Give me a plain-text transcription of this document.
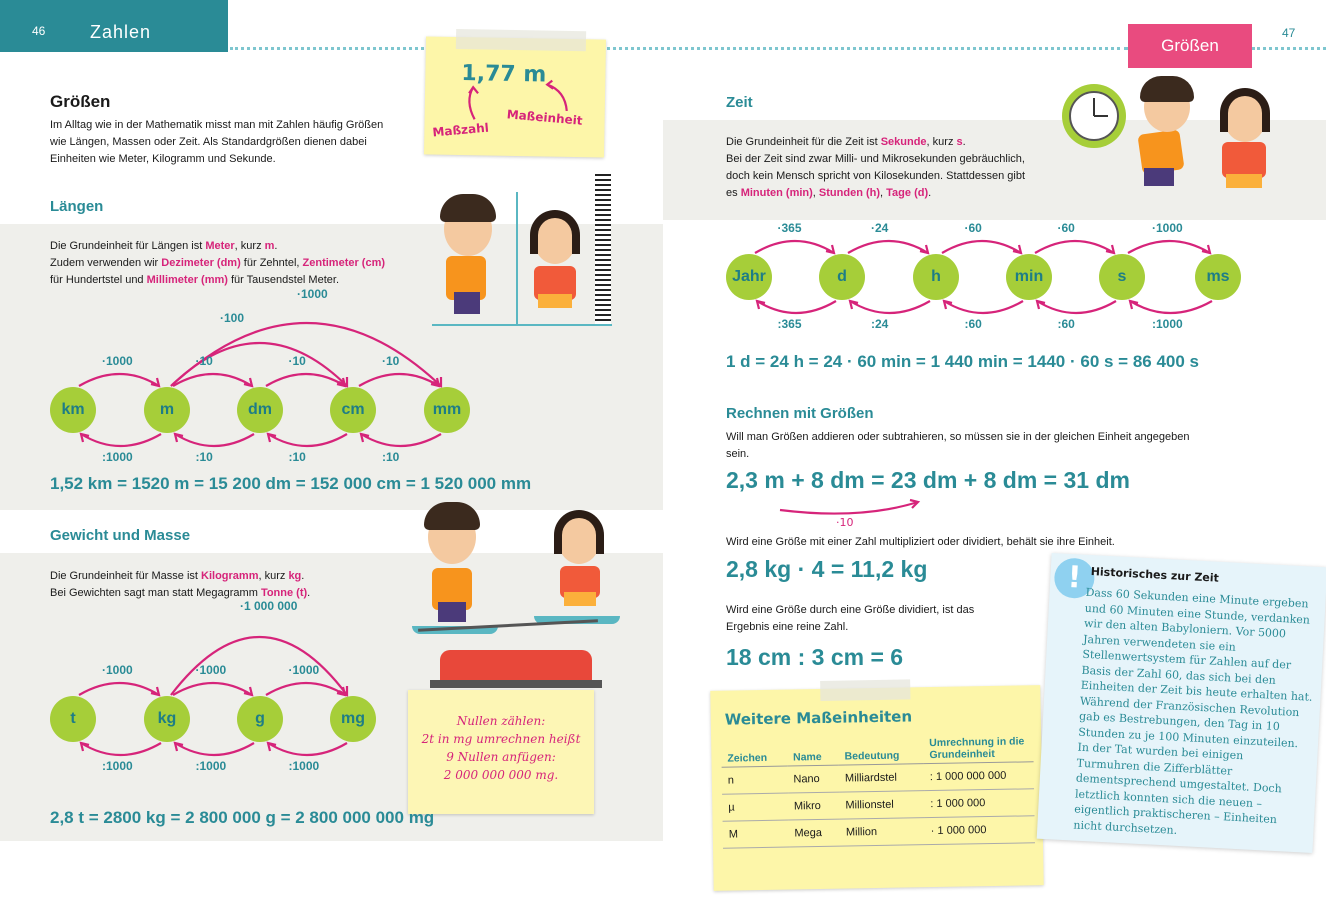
46 Zahlen
Größen
47
1,77 m
Maßzahl
Maßeinheit
Größen
Im Alltag wie in der Mathematik misst man mit Zahlen häufig Größen wie Längen, Massen oder Zeit. Als Standardgrößen dienen dabei Einheiten wie Meter, Kilogramm und Sekunde.
Längen
Die Grundeinheit für Längen ist Meter, kurz m.
Zudem verwenden wir Dezimeter (dm) für Zehntel, Zentimeter (cm)
für Hundertstel und Millimeter (mm) für Tausendstel Meter.
km	m	dm	cm	mm
·1000
:1000
·10
:10
·10
:10
·10
:10
·1000
·100
1,52 km = 1520 m = 15 200 dm = 152 000 cm = 1 520 000 mm
Gewicht und Masse
Die Grundeinheit für Masse ist Kilogramm, kurz kg.
Bei Gewichten sagt man statt Megagramm Tonne (t).
t	kg	g	mg
·1000
:1000
·1000
:1000
·1000
:1000
·1 000 000
Nullen zählen:
2t in mg umrechnen heißt
9 Nullen anfügen:
2 000 000 000 mg.
2,8 t = 2800 kg = 2 800 000 g = 2 800 000 000 mg
Zeit
Die Grundeinheit für die Zeit ist Sekunde, kurz s.
Bei der Zeit sind zwar Milli- und Mikrosekunden gebräuchlich,
doch kein Mensch spricht von Kilosekunden. Stattdessen gibt
es Minuten (min), Stunden (h), Tage (d).
Jahr	d	h	min	s	ms
·365
:365
·24
:24
·60
:60
·60
:60
·1000
:1000
1 d = 24 h = 24 · 60 min = 1 440 min = 1440 · 60 s = 86 400 s
Rechnen mit Größen
Will man Größen addieren oder subtrahieren, so müssen sie in der gleichen Einheit angegeben sein.
2,3 m + 8 dm = 23 dm + 8 dm = 31 dm
·10
Wird eine Größe mit einer Zahl multipliziert oder dividiert, behält sie ihre Einheit.
2,8 kg · 4 = 11,2 kg
Wird eine Größe durch eine Größe dividiert, ist das Ergebnis eine reine Zahl.
18 cm : 3 cm = 6
Weitere Maßeinheiten
Zeichen	Name	Bedeutung	Umrechnung in die Grundeinheit
n	Nano	Milliardstel	: 1 000 000 000
µ	Mikro	Millionstel	: 1 000 000
M	Mega	Million	· 1 000 000
! Historisches zur Zeit
Dass 60 Sekunden eine Minute ergeben und 60 Minuten eine Stunde, verdanken wir den alten Babyloniern. Vor 5000 Jahren verwendeten sie ein Stellenwertsystem für Zahlen auf der Basis der Zahl 60, das sich bei den Einheiten der Zeit bis heute erhalten hat. Während der Französischen Revolution gab es Bestrebungen, den Tag in 10 Stunden zu je 100 Minuten einzuteilen. In der Tat wurden bei einigen Turmuhren die Zifferblätter dementsprechend umgestaltet. Doch letztlich konnten sich die neuen – eigentlich praktischeren – Einheiten nicht durchsetzen.
